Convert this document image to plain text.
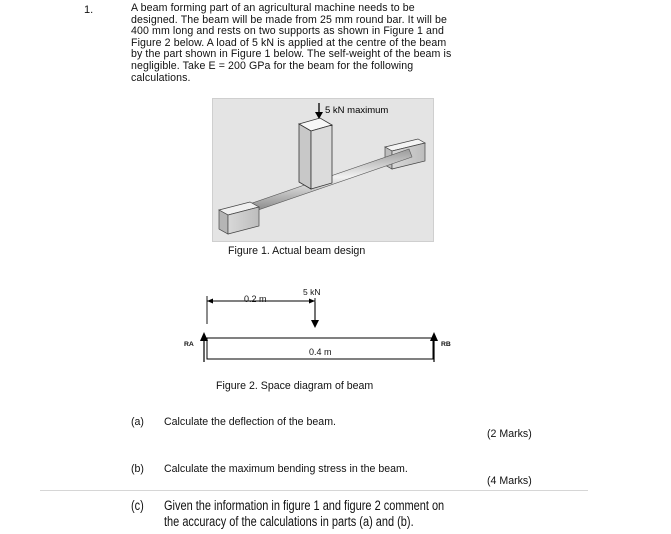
1.	A beam forming part of an agricultural machine needs to be
designed. The beam will be made from 25 mm round bar. It will be
400 mm long and rests on two supports as shown in Figure 1 and
Figure 2 below. A load of 5 kN is applied at the centre of the beam
by the part shown in Figure 1 below. The self-weight of the beam is
negligible. Take E = 200 GPa for the beam for the following
calculations.
5 kN maximum
Figure 1. Actual beam design
0.2 m
5 kN
0.4 m
RA	RB
Figure 2. Space diagram of beam
(a) Calculate the deflection of the beam.
(2 Marks)
(b) Calculate the maximum bending stress in the beam.
(4 Marks)
(c) Given the information in figure 1 and figure 2 comment on
the accuracy of the calculations in parts (a) and (b).
